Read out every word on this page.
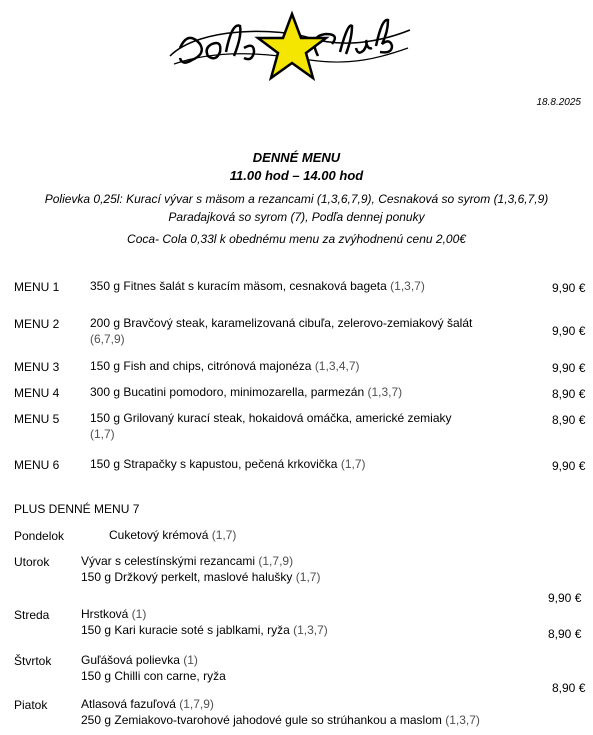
18.8.2025
DENNÉ MENU
11.00 hod – 14.00 hod
Polievka 0,25l: Kurací vývar s mäsom a rezancami (1,3,6,7,9), Cesnaková so syrom (1,3,6,7,9)
Paradajková so syrom (7), Podľa dennej ponuky
Coca- Cola 0,33l k obednému menu za zvýhodnenú cenu 2,00€
MENU 1	350 g Fitnes šalát s kuracím mäsom, cesnaková bageta (1,3,7)	9,90 €
MENU 2	200 g Bravčový steak, karamelizovaná cibuľa, zelerovo-zemiakový šalát
(6,7,9)
9,90 €
MENU 3	150 g Fish and chips, citrónová majonéza (1,3,4,7)	9,90 €
MENU 4	300 g Bucatini pomodoro, minimozarella, parmezán (1,3,7)	8,90 €
MENU 5	150 g Grilovaný kurací steak, hokaidová omáčka, americké zemiaky
(1,7)
8,90 €
MENU 6	150 g Strapačky s kapustou, pečená krkovička (1,7)	9,90 €
PLUS DENNÉ MENU 7
Pondelok	Cuketový krémová (1,7)
Utorok	Vývar s celestínskými rezancami (1,7,9)
150 g Držkový perkelt, maslové halušky (1,7)
9,90 €
Streda	Hrstková (1)
150 g Kari kuracie soté s jablkami, ryža (1,3,7)	8,90 €
Štvrtok Guľášová polievka (1)
150 g Chilli con carne, ryža
8,90 €
Piatok	Atlasová fazuľová (1,7,9)
250 g Zemiakovo-tvarohové jahodové gule so strúhankou a maslom (1,3,7)
